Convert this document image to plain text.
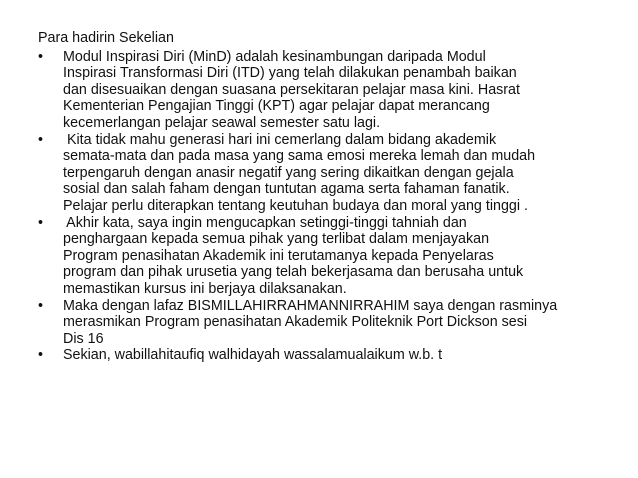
Para hadirin Sekelian
• Modul Inspirasi Diri (MinD) adalah kesinambungan daripada Modul
Inspirasi Transformasi Diri (ITD) yang telah dilakukan penambah baikan
dan disesuaikan dengan suasana persekitaran pelajar masa kini. Hasrat
Kementerian Pengajian Tinggi (KPT) agar pelajar dapat merancang
kecemerlangan pelajar seawal semester satu lagi.
• Kita tidak mahu generasi hari ini cemerlang dalam bidang akademik
semata-mata dan pada masa yang sama emosi mereka lemah dan mudah
terpengaruh dengan anasir negatif yang sering dikaitkan dengan gejala
sosial dan salah faham dengan tuntutan agama serta fahaman fanatik.
Pelajar perlu diterapkan tentang keutuhan budaya dan moral yang tinggi .
• Akhir kata, saya ingin mengucapkan setinggi-tinggi tahniah dan
penghargaan kepada semua pihak yang terlibat dalam menjayakan
Program penasihatan Akademik ini terutamanya kepada Penyelaras
program dan pihak urusetia yang telah bekerjasama dan berusaha untuk
memastikan kursus ini berjaya dilaksanakan.
• Maka dengan lafaz BISMILLAHIRRAHMANNIRRAHIM saya dengan rasminya
merasmikan Program penasihatan Akademik Politeknik Port Dickson sesi
Dis 16
• Sekian, wabillahitaufiq walhidayah wassalamualaikum w.b. t
